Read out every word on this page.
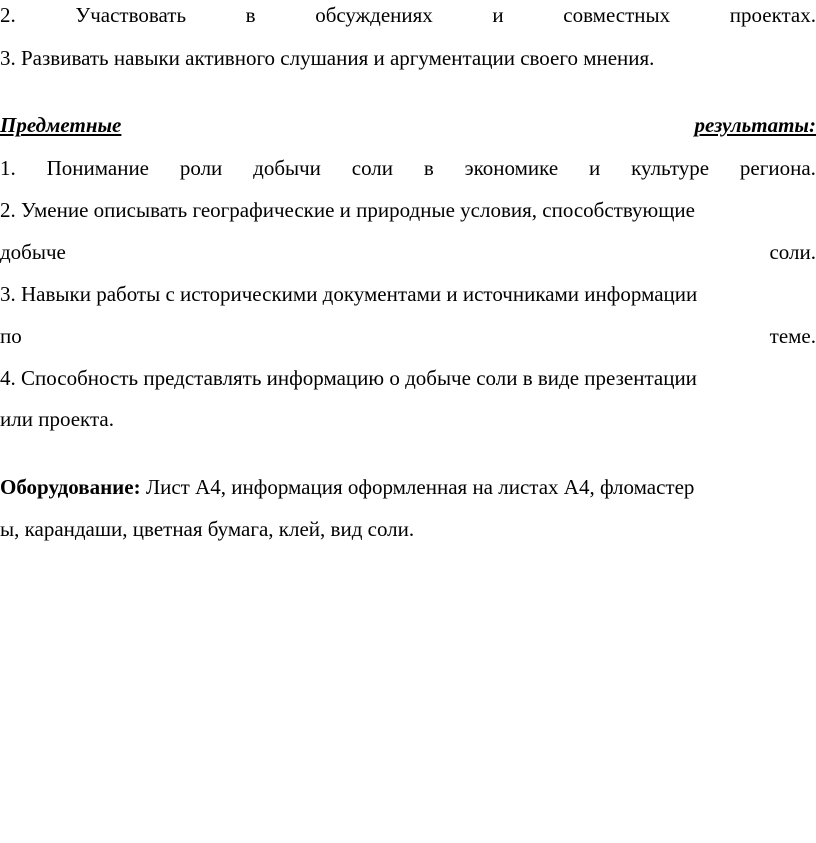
2.	Участвовать	в	обсуждениях	и	совместных	проектах.
3. Развивать навыки активного слушания и аргументации своего мнения.
Предметные	результаты:
1. Понимание роли добычи соли в экономике и культуре региона.
2. Умение описывать географические и природные условия, способствующие
добыче	соли.
3. Навыки работы с историческими документами и источниками информации
по	теме.
4. Способность представлять информацию о добыче соли в виде презентации
или проекта.
Оборудование: Лист А4, информация оформленная на листах А4, фломастер
ы, карандаши, цветная бумага, клей, вид соли.
